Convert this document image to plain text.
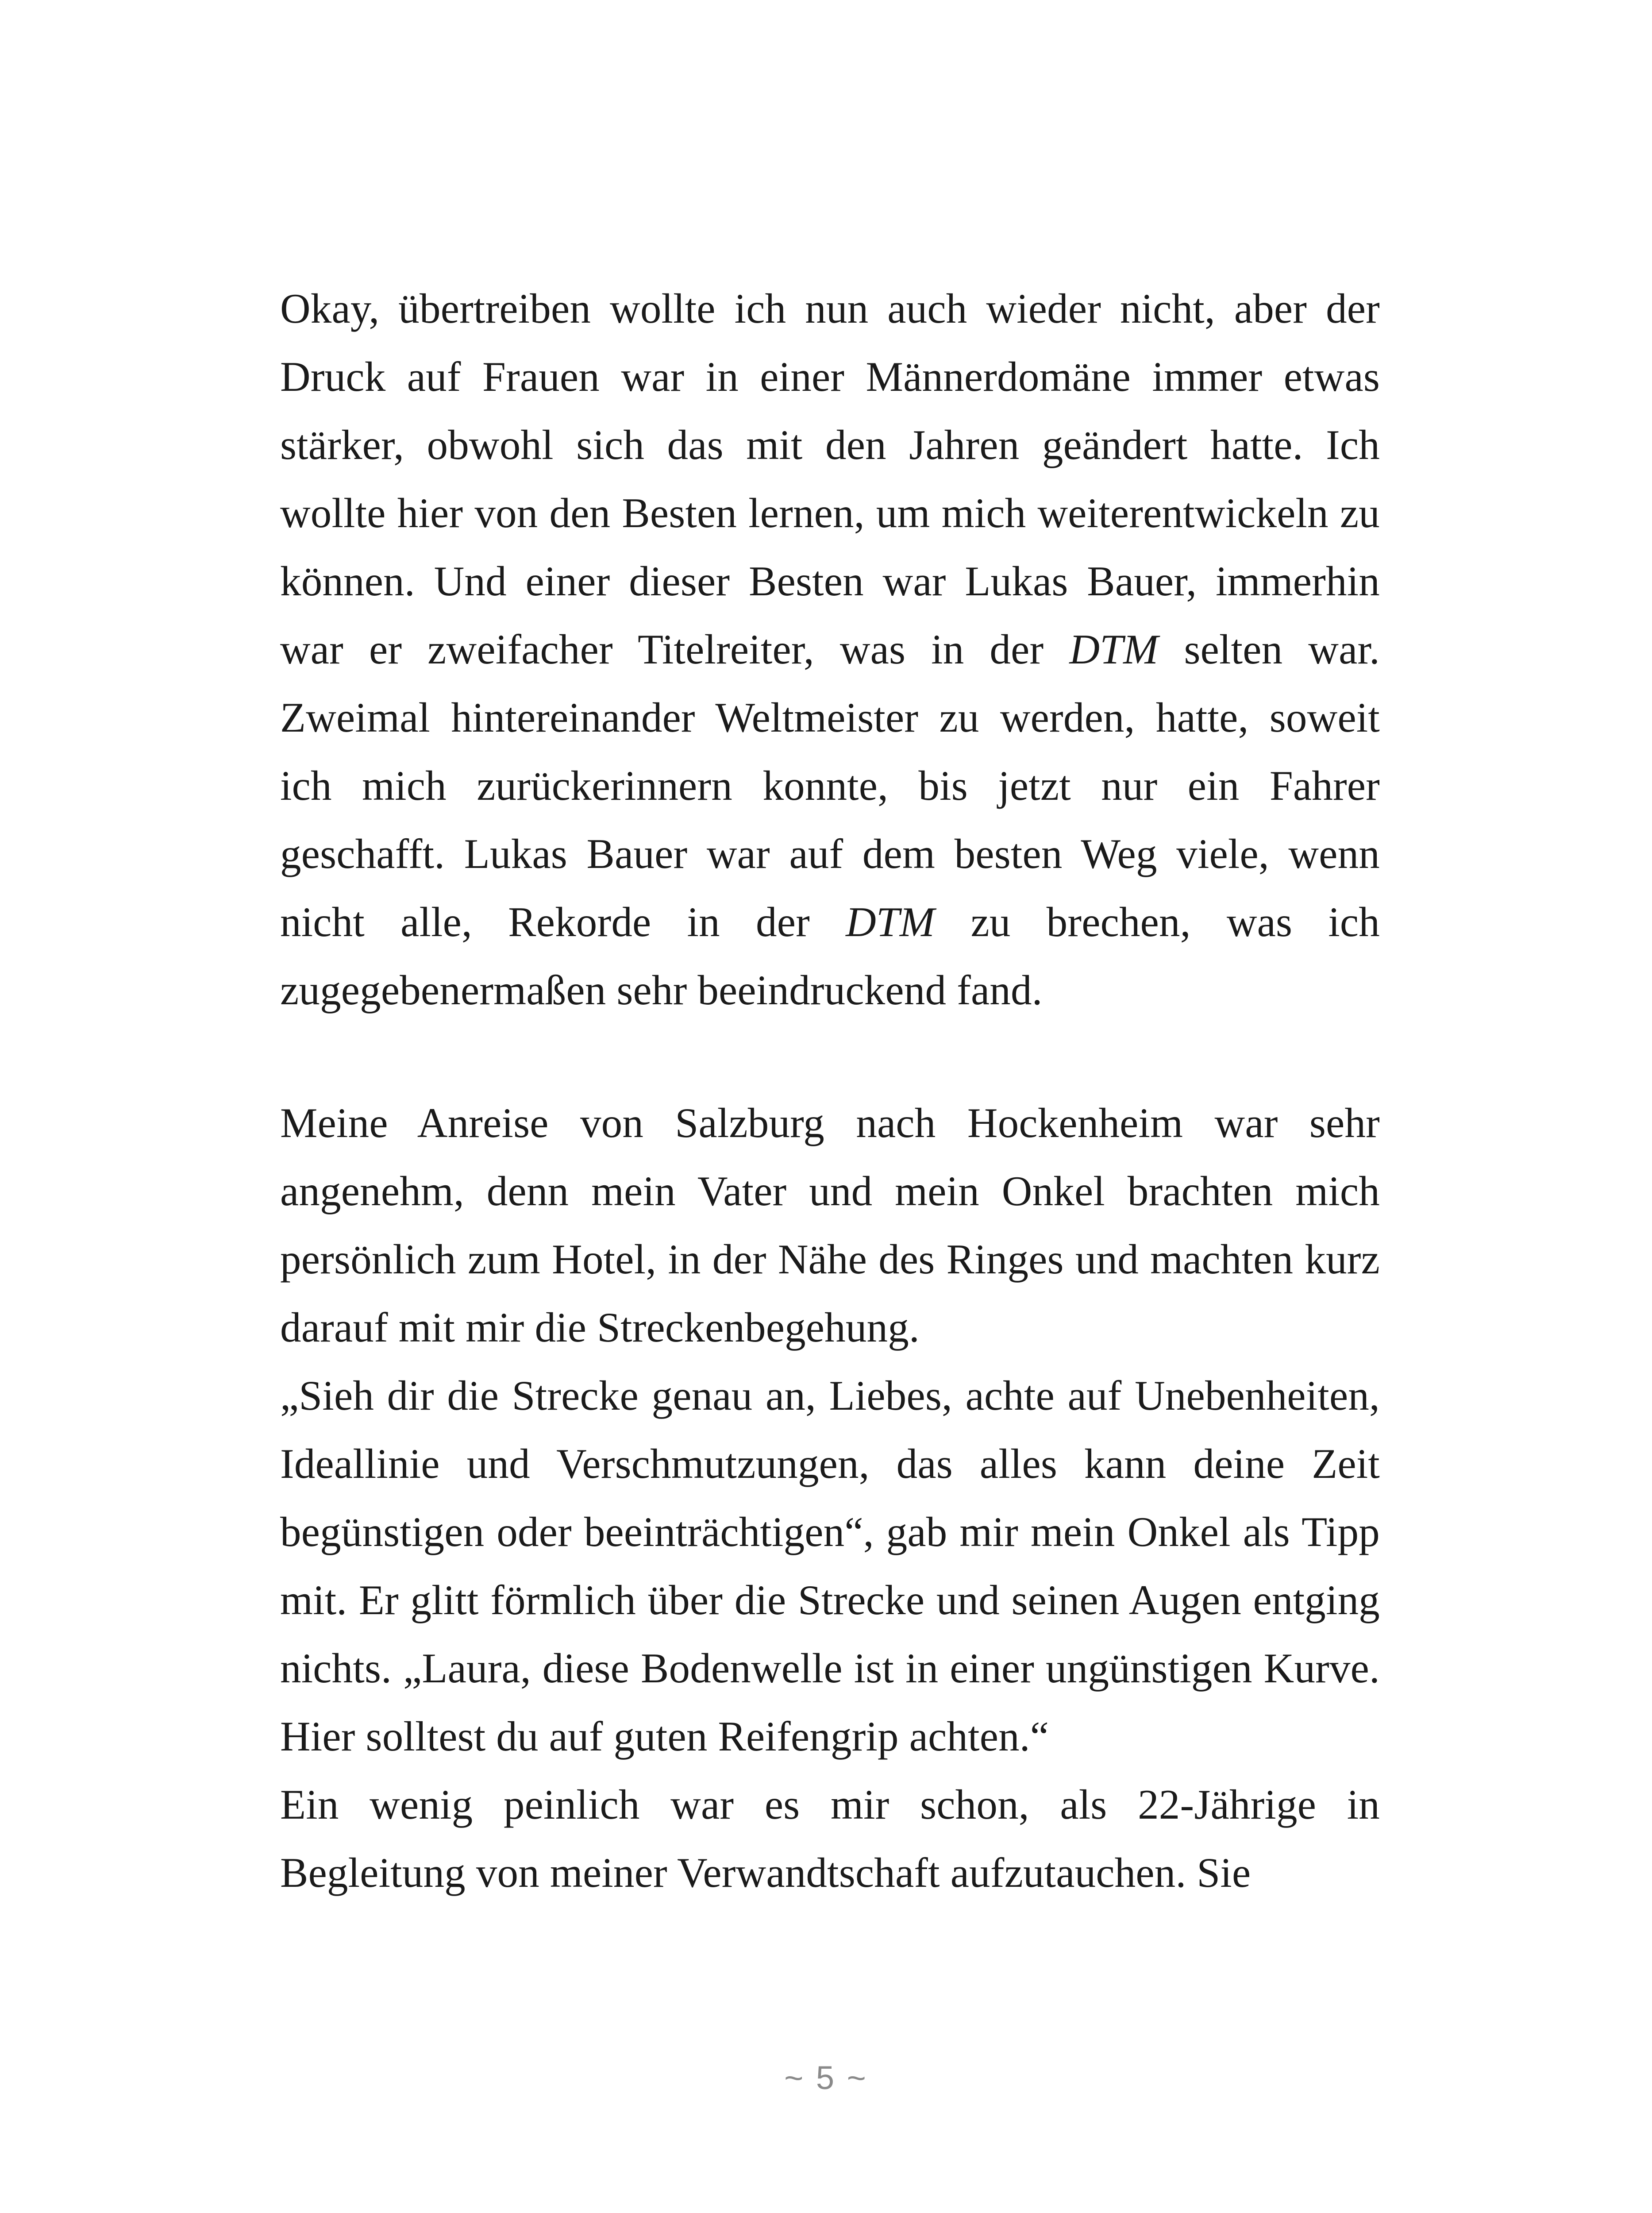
Okay, übertreiben wollte ich nun auch wieder nicht, aber der Druck auf Frauen war in einer Männerdomäne immer etwas stärker, obwohl sich das mit den Jahren geändert hatte. Ich wollte hier von den Besten lernen, um mich weiterentwickeln zu können. Und einer dieser Besten war Lukas Bauer, immerhin war er zweifacher Titelreiter, was in der DTM selten war. Zweimal hintereinander Weltmeister zu werden, hatte, soweit ich mich zurückerinnern konnte, bis jetzt nur ein Fahrer geschafft. Lukas Bauer war auf dem besten Weg viele, wenn nicht alle, Rekorde in der DTM zu brechen, was ich zugegebenermaßen sehr beeindruckend fand.

Meine Anreise von Salzburg nach Hockenheim war sehr angenehm, denn mein Vater und mein Onkel brachten mich persönlich zum Hotel, in der Nähe des Ringes und machten kurz darauf mit mir die Streckenbegehung.

„Sieh dir die Strecke genau an, Liebes, achte auf Unebenheiten, Ideallinie und Verschmutzungen, das alles kann deine Zeit begünstigen oder beeinträchtigen“, gab mir mein Onkel als Tipp mit. Er glitt förmlich über die Strecke und seinen Augen entging nichts. „Laura, diese Bodenwelle ist in einer ungünstigen Kurve. Hier solltest du auf guten Reifengrip achten.“

Ein wenig peinlich war es mir schon, als 22-Jährige in Begleitung von meiner Verwandtschaft aufzutauchen. Sie

~ 5 ~
